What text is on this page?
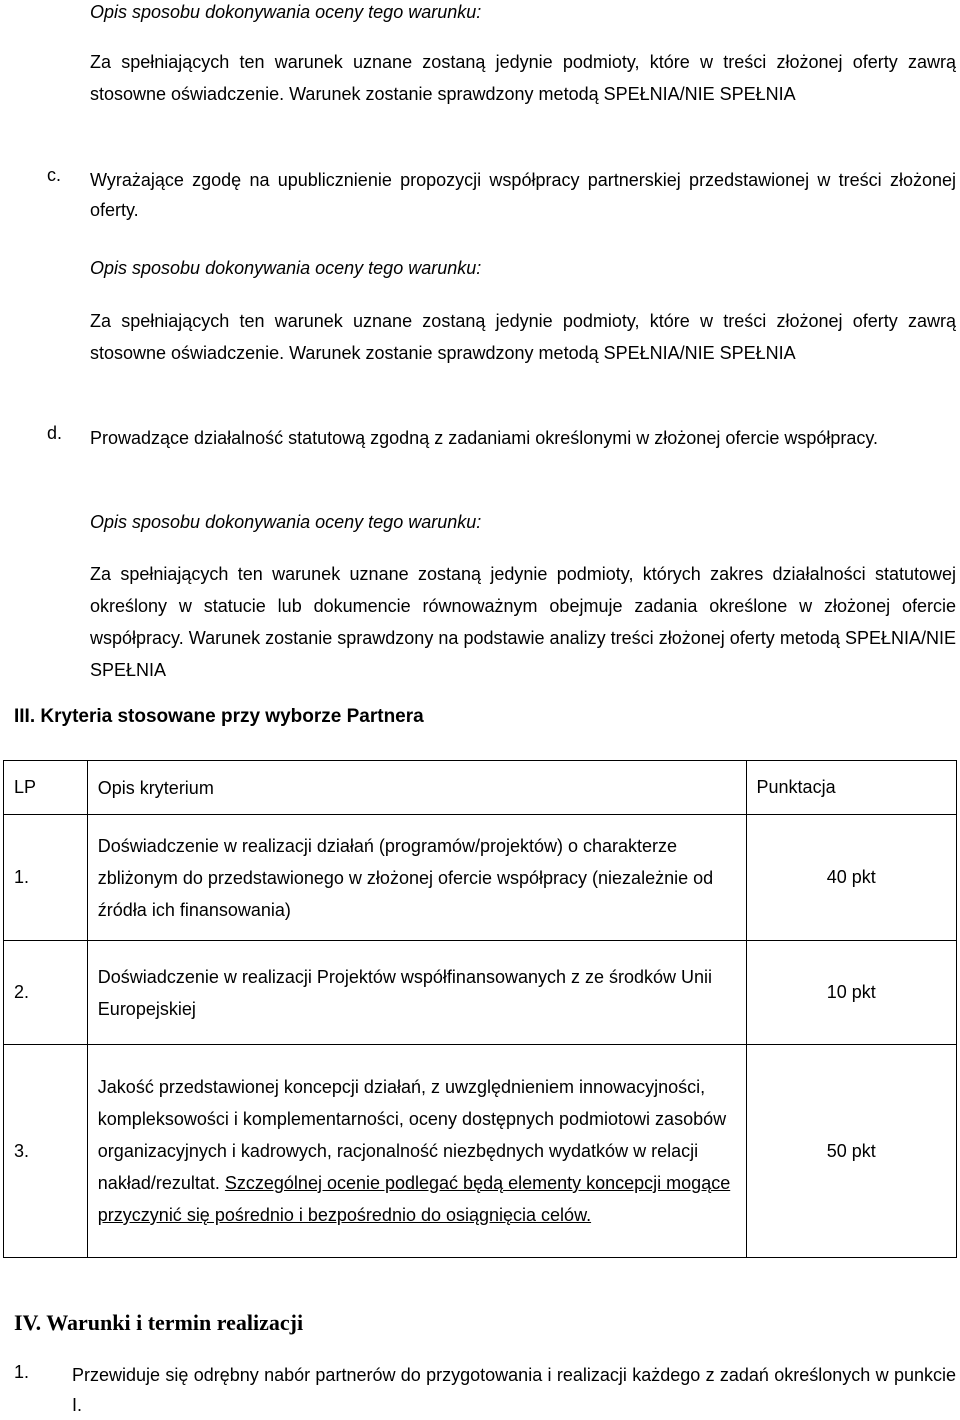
Opis sposobu dokonywania oceny tego warunku:
Za spełniających ten warunek uznane zostaną jedynie podmioty, które w treści złożonej oferty zawrą stosowne oświadczenie. Warunek zostanie sprawdzony metodą SPEŁNIA/NIE SPEŁNIA
c. Wyrażające zgodę na upublicznienie propozycji współpracy partnerskiej przedstawionej w treści złożonej oferty.
Opis sposobu dokonywania oceny tego warunku:
Za spełniających ten warunek uznane zostaną jedynie podmioty, które w treści złożonej oferty zawrą stosowne oświadczenie. Warunek zostanie sprawdzony metodą SPEŁNIA/NIE SPEŁNIA
d. Prowadzące działalność statutową zgodną z zadaniami określonymi w złożonej ofercie współpracy.
Opis sposobu dokonywania oceny tego warunku:
Za spełniających ten warunek uznane zostaną jedynie podmioty, których zakres działalności statutowej określony w statucie lub dokumencie równoważnym obejmuje zadania określone w złożonej ofercie współpracy. Warunek zostanie sprawdzony na podstawie analizy treści złożonej oferty metodą SPEŁNIA/NIE SPEŁNIA
III. Kryteria stosowane przy wyborze Partnera
LP	Opis kryterium	Punktacja
1.	Doświadczenie w realizacji działań (programów/projektów) o charakterze zbliżonym do przedstawionego w złożonej ofercie współpracy (niezależnie od źródła ich finansowania)	40 pkt
2.	Doświadczenie w realizacji Projektów współfinansowanych z ze środków Unii Europejskiej	10 pkt
3.	Jakość przedstawionej koncepcji działań, z uwzględnieniem innowacyjności, kompleksowości i komplementarności, oceny dostępnych podmiotowi zasobów organizacyjnych i kadrowych, racjonalność niezbędnych wydatków w relacji nakład/rezultat. Szczególnej ocenie podlegać będą elementy koncepcji mogące przyczynić się pośrednio i bezpośrednio do osiągnięcia celów.	50 pkt
IV. Warunki i termin realizacji
1. Przewiduje się odrębny nabór partnerów do przygotowania i realizacji każdego z zadań określonych w punkcie I.
